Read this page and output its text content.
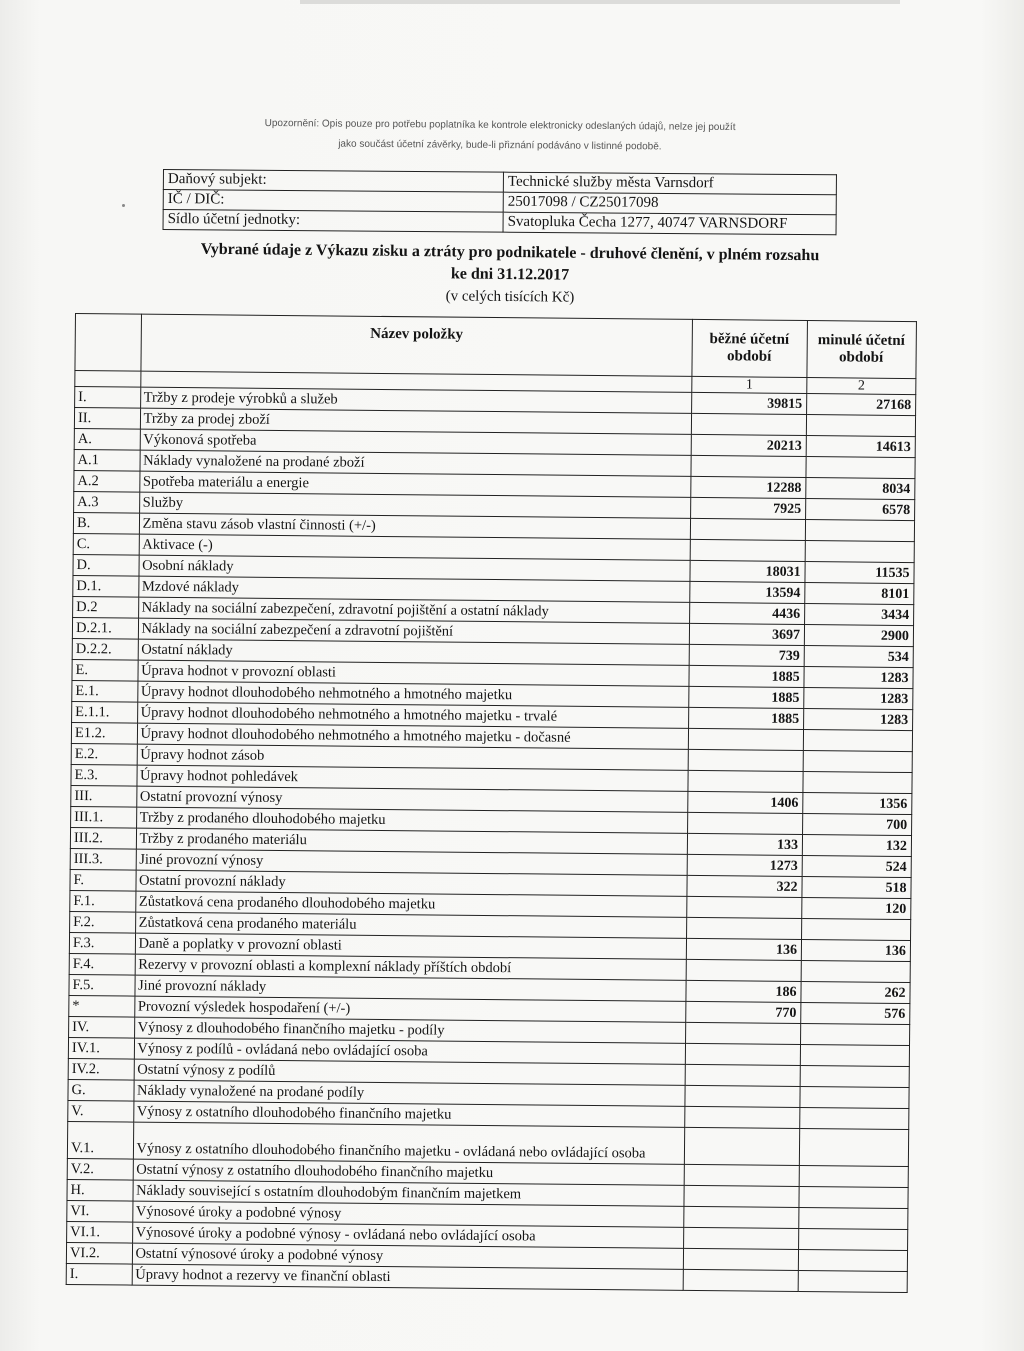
Upozornění: Opis pouze pro potřebu poplatníka ke kontrole elektronicky odeslaných údajů, nelze jej použít
jako součást účetní závěrky, bude-li přiznání podáváno v listinné podobě.
Daňový subjekt:	Technické služby města Varnsdorf
IČ / DIČ:	25017098 / CZ25017098
Sídlo účetní jednotky:	Svatopluka Čecha 1277, 40747 VARNSDORF
Vybrané údaje z Výkazu zisku a ztráty pro podnikatele - druhové členění, v plném rozsahu
ke dni 31.12.2017
(v celých tisících Kč)
	Název položky	běžné účetní období	minulé účetní období
		1	2
I.	Tržby z prodeje výrobků a služeb	39815	27168
II.	Tržby za prodej zboží		
A.	Výkonová spotřeba	20213	14613
A.1	Náklady vynaložené na prodané zboží		
A.2	Spotřeba materiálu a energie	12288	8034
A.3	Služby	7925	6578
B.	Změna stavu zásob vlastní činnosti (+/-)		
C.	Aktivace (-)		
D.	Osobní náklady	18031	11535
D.1.	Mzdové náklady	13594	8101
D.2	Náklady na sociální zabezpečení, zdravotní pojištění a ostatní náklady	4436	3434
D.2.1.	Náklady na sociální zabezpečení a zdravotní pojištění	3697	2900
D.2.2.	Ostatní náklady	739	534
E.	Úprava hodnot v provozní oblasti	1885	1283
E.1.	Úpravy hodnot dlouhodobého nehmotného a hmotného majetku	1885	1283
E.1.1.	Úpravy hodnot dlouhodobého nehmotného a hmotného majetku - trvalé	1885	1283
E1.2.	Úpravy hodnot dlouhodobého nehmotného a hmotného majetku - dočasné		
E.2.	Úpravy hodnot zásob		
E.3.	Úpravy hodnot pohledávek		
III.	Ostatní provozní výnosy	1406	1356
III.1.	Tržby z prodaného dlouhodobého majetku		700
III.2.	Tržby z prodaného materiálu	133	132
III.3.	Jiné provozní výnosy	1273	524
F.	Ostatní provozní náklady	322	518
F.1.	Zůstatková cena prodaného dlouhodobého majetku		120
F.2.	Zůstatková cena prodaného materiálu		
F.3.	Daně a poplatky v provozní oblasti	136	136
F.4.	Rezervy v provozní oblasti a komplexní náklady příštích období		
F.5.	Jiné provozní náklady	186	262
*	Provozní výsledek hospodaření (+/-)	770	576
IV.	Výnosy z dlouhodobého finančního majetku - podíly		
IV.1.	Výnosy z podílů - ovládaná nebo ovládající osoba		
IV.2.	Ostatní výnosy z podílů		
G.	Náklady vynaložené na prodané podíly		
V.	Výnosy z ostatního dlouhodobého finančního majetku		
V.1.	Výnosy z ostatního dlouhodobého finančního majetku - ovládaná nebo ovládající osoba		
V.2.	Ostatní výnosy z ostatního dlouhodobého finančního majetku		
H.	Náklady související s ostatním dlouhodobým finančním majetkem		
VI.	Výnosové úroky a podobné výnosy		
VI.1.	Výnosové úroky a podobné výnosy - ovládaná nebo ovládající osoba		
VI.2.	Ostatní výnosové úroky a podobné výnosy		
I.	Úpravy hodnot a rezervy ve finanční oblasti		
